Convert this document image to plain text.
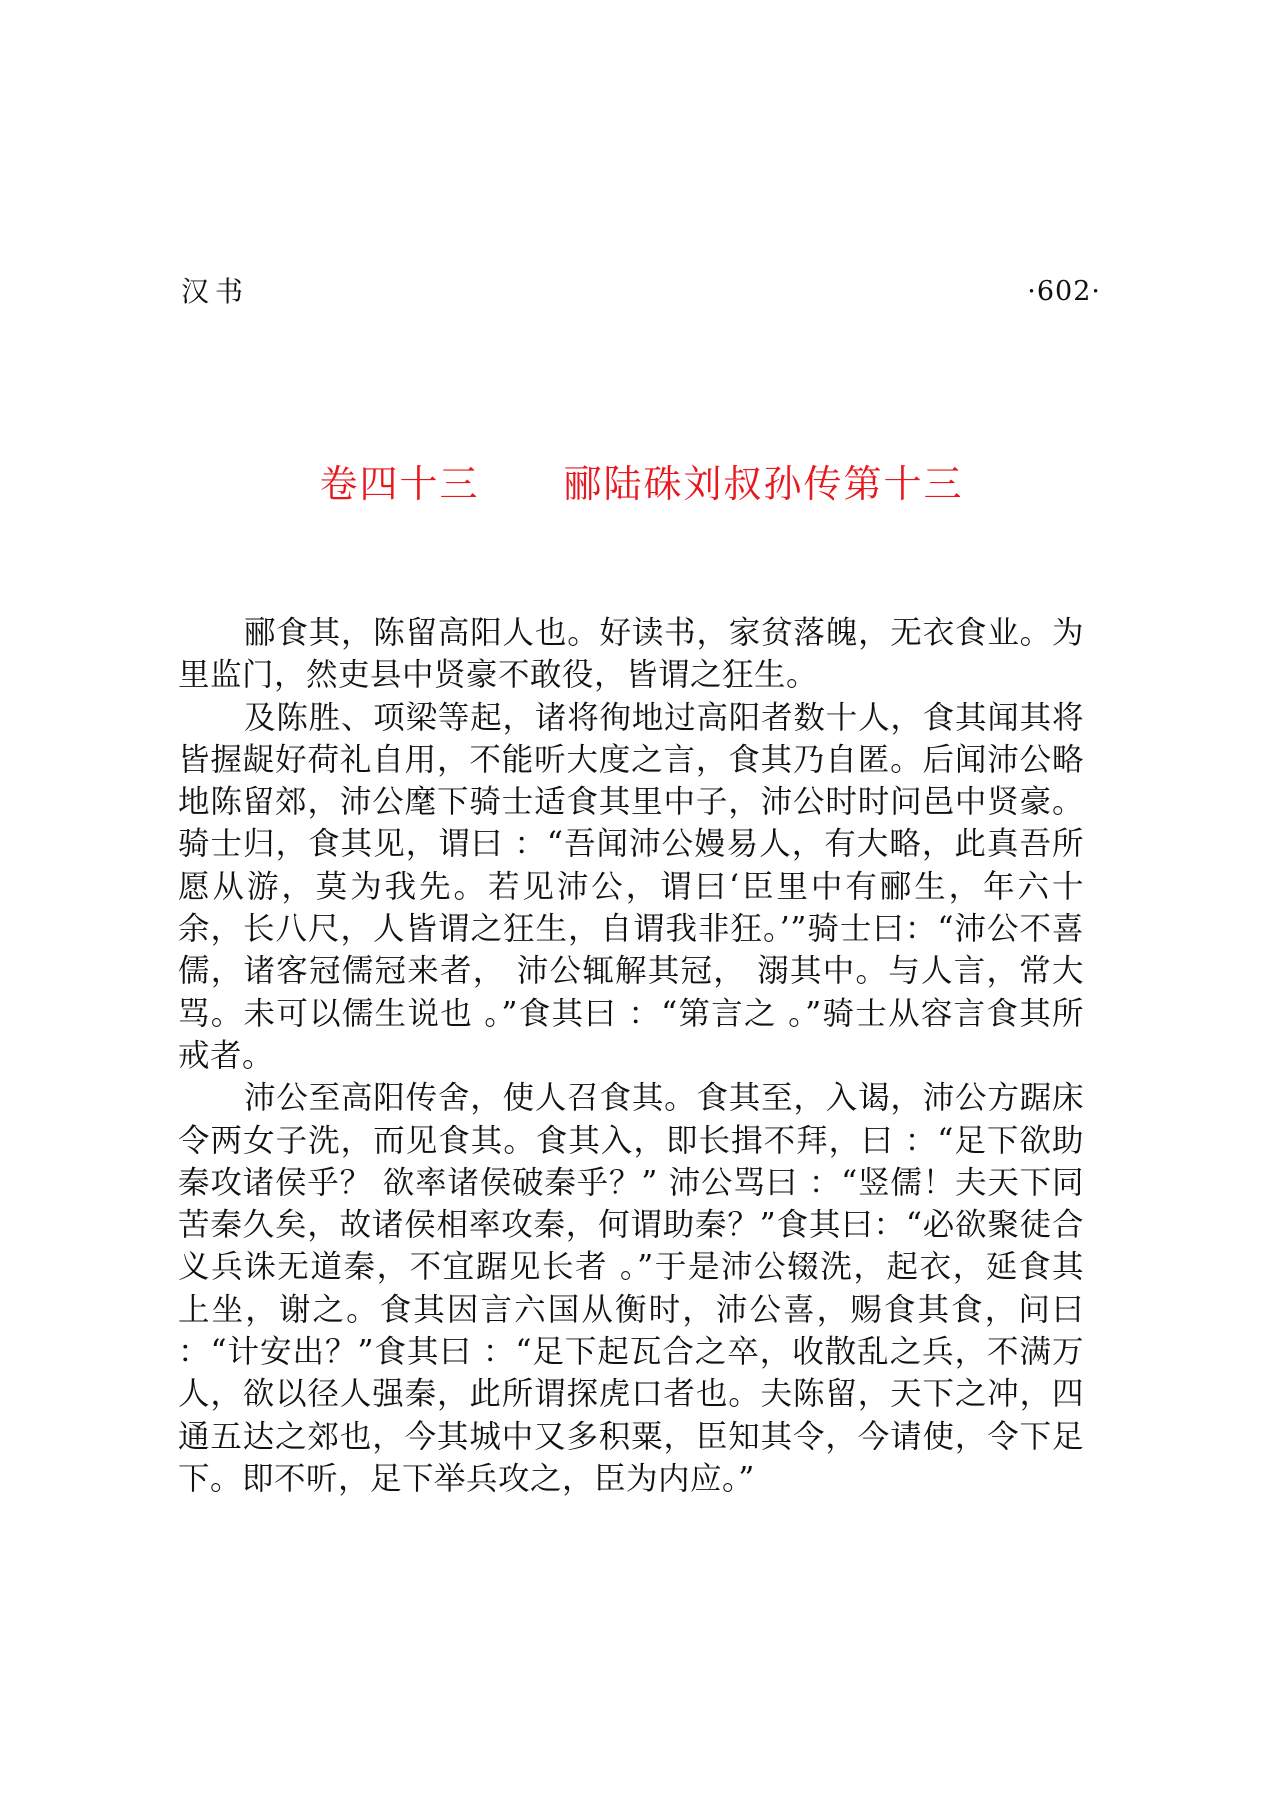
汉书	·602·
卷四十三 郦陆硃刘叔孙传第十三

郦食其，陈留高阳人也。好读书，家贫落魄，无衣食业。为里监门，然吏县中贤豪不敢役，皆谓之狂生。

及陈胜、项梁等起，诸将徇地过高阳者数十人，食其闻其将皆握龊好荷礼自用，不能听大度之言，食其乃自匿。后闻沛公略地陈留郊，沛公麾下骑士适食其里中子，沛公时时问邑中贤豪。骑士归，食其见，谓曰 ：“吾闻沛公嫚易人，有大略，此真吾所愿从游，莫为我先。若见沛公，谓曰‘臣里中有郦生，年六十余，长八尺，人皆谓之狂生，自谓我非狂。’”骑士曰：“沛公不喜儒，诸客冠儒冠来者， 沛公辄解其冠， 溺其中。与人言，常大骂。未可以儒生说也 。”食其曰 ：“第言之 。”骑士从容言食其所戒者。

沛公至高阳传舍，使人召食其。食其至，入谒，沛公方踞床令两女子洗，而见食其。食其入，即长揖不拜，曰 ：“足下欲助秦攻诸侯乎？ 欲率诸侯破秦乎？” 沛公骂曰 ：“竖儒！夫天下同苦秦久矣，故诸侯相率攻秦，何谓助秦？”食其曰：“必欲聚徒合义兵诛无道秦，不宜踞见长者 。”于是沛公辍洗，起衣，延食其上坐，谢之。食其因言六国从衡时，沛公喜，赐食其食，问曰 ：“计安出？”食其曰 ：“足下起瓦合之卒，收散乱之兵，不满万人，欲以径人强秦，此所谓探虎口者也。夫陈留，天下之冲，四通五达之郊也，今其城中又多积粟，臣知其令，今请使，令下足下。即不听，足下举兵攻之，臣为内应。”
